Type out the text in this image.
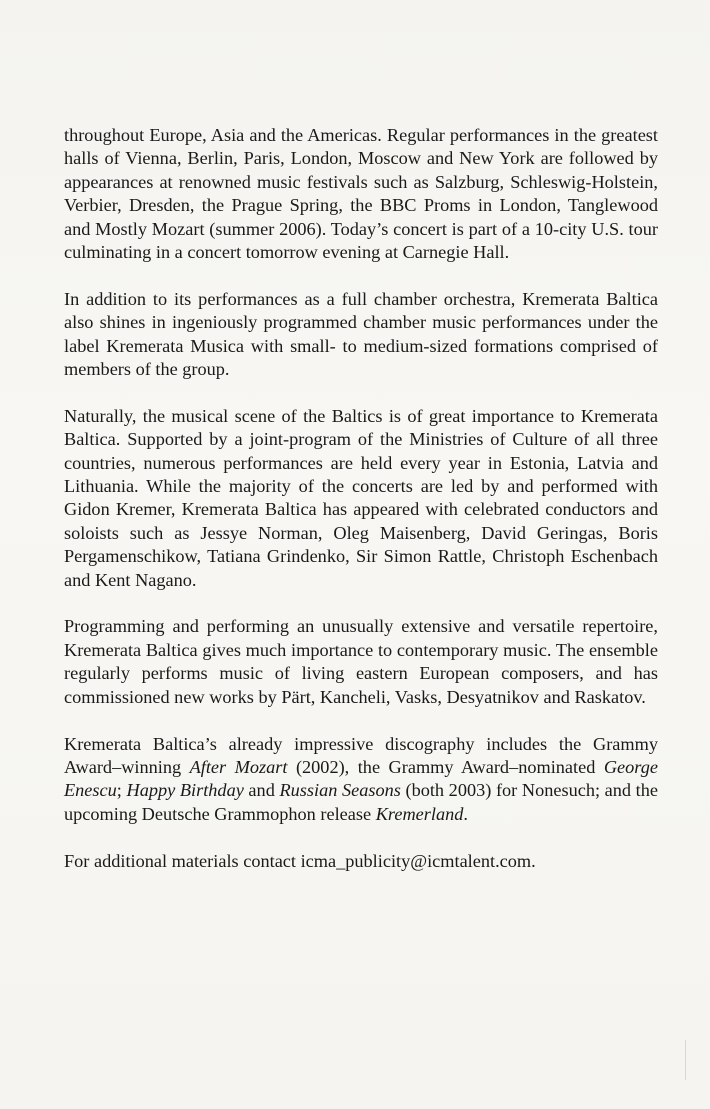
throughout Europe, Asia and the Americas. Regular performances in the greatest halls of Vienna, Berlin, Paris, London, Moscow and New York are followed by appearances at renowned music festivals such as Salzburg, Schleswig-Holstein, Verbier, Dresden, the Prague Spring, the BBC Proms in London, Tanglewood and Mostly Mozart (summer 2006). Today’s concert is part of a 10-city U.S. tour culminating in a concert tomorrow evening at Carnegie Hall.

In addition to its performances as a full chamber orchestra, Kremerata Baltica also shines in ingeniously programmed chamber music performances under the label Kremerata Musica with small- to medium-sized formations comprised of members of the group.

Naturally, the musical scene of the Baltics is of great importance to Kremerata Baltica. Supported by a joint-program of the Ministries of Culture of all three countries, numerous performances are held every year in Estonia, Latvia and Lithuania. While the majority of the concerts are led by and performed with Gidon Kremer, Kremerata Baltica has appeared with celebrated conductors and soloists such as Jessye Norman, Oleg Maisenberg, David Geringas, Boris Pergamenschikow, Tatiana Grindenko, Sir Simon Rattle, Christoph Eschenbach and Kent Nagano.

Programming and performing an unusually extensive and versatile repertoire, Kremerata Baltica gives much importance to contemporary music. The ensemble regularly performs music of living eastern European composers, and has commissioned new works by Pärt, Kancheli, Vasks, Desyatnikov and Raskatov.

Kremerata Baltica’s already impressive discography includes the Grammy Award–winning After Mozart (2002), the Grammy Award–nominated George Enescu; Happy Birthday and Russian Seasons (both 2003) for Nonesuch; and the upcoming Deutsche Grammophon release Kremerland.

For additional materials contact icma_publicity@icmtalent.com.
